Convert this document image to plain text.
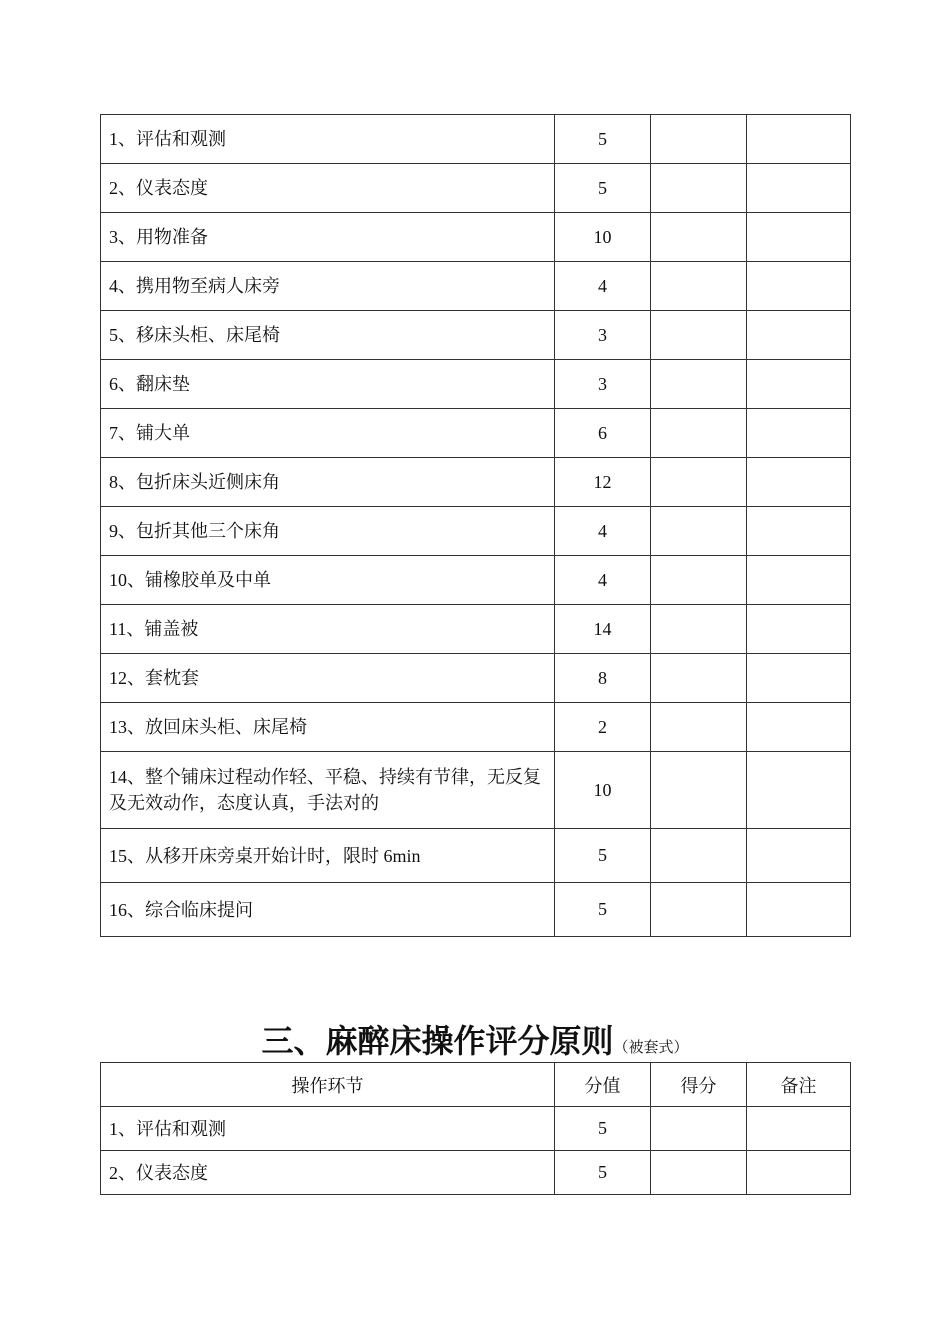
1、评估和观测	5		
2、仪表态度	5		
3、用物准备	10		
4、携用物至病人床旁	4		
5、移床头柜、床尾椅	3		
6、翻床垫	3		
7、铺大单	6		
8、包折床头近侧床角	12		
9、包折其他三个床角	4		
10、铺橡胶单及中单	4		
11、铺盖被	14		
12、套枕套	8		
13、放回床头柜、床尾椅	2		
14、整个铺床过程动作轻、平稳、持续有节律，无反复及无效动作，态度认真，手法对的	10		
15、从移开床旁桌开始计时，限时 6min	5		
16、综合临床提问	5		
三、麻醉床操作评分原则（被套式）
操作环节	分值	得分	备注
1、评估和观测	5		
2、仪表态度	5		
